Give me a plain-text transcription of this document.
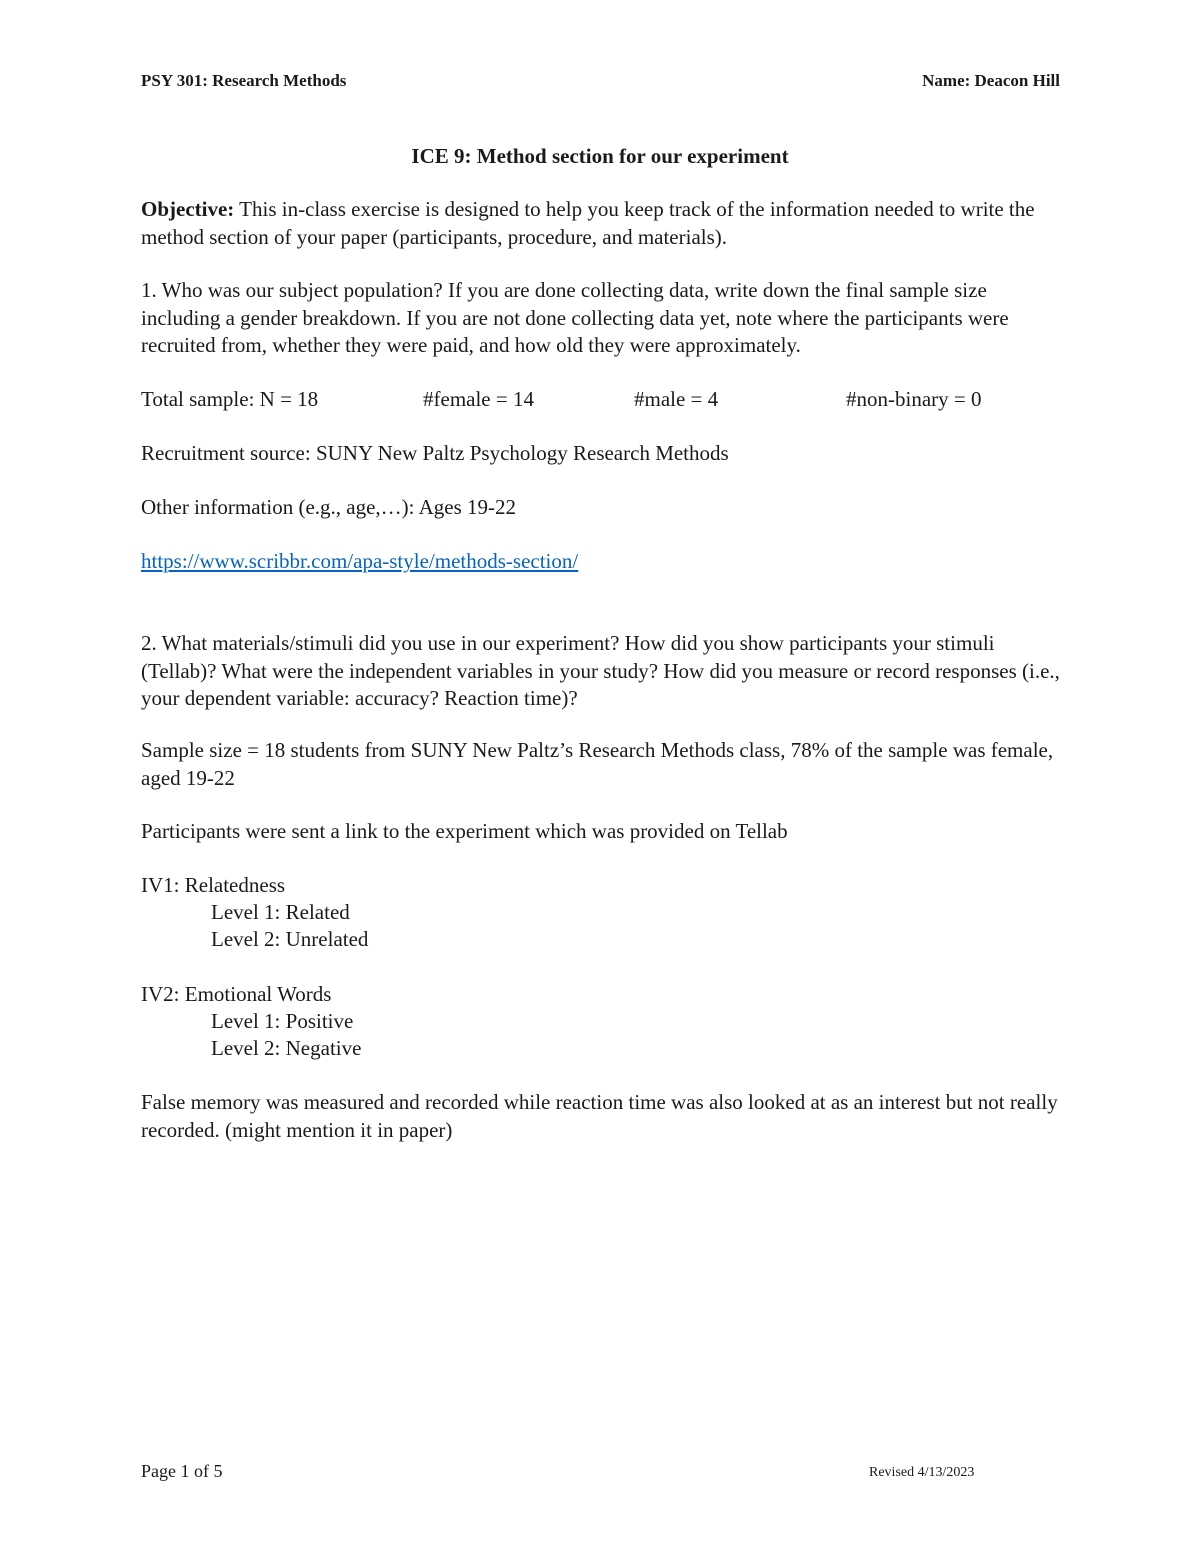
PSY 301: Research Methods	Name: Deacon Hill
ICE 9: Method section for our experiment
Objective: This in-class exercise is designed to help you keep track of the information needed to write the method section of your paper (participants, procedure, and materials).
1. Who was our subject population? If you are done collecting data, write down the final sample size including a gender breakdown. If you are not done collecting data yet, note where the participants were recruited from, whether they were paid, and how old they were approximately.
Total sample: N = 18	#female = 14	#male = 4	#non-binary = 0
Recruitment source: SUNY New Paltz Psychology Research Methods
Other information (e.g., age,…): Ages 19-22
https://www.scribbr.com/apa-style/methods-section/
2. What materials/stimuli did you use in our experiment? How did you show participants your stimuli (Tellab)? What were the independent variables in your study? How did you measure or record responses (i.e., your dependent variable: accuracy? Reaction time)?
Sample size = 18 students from SUNY New Paltz’s Research Methods class, 78% of the sample was female, aged 19-22
Participants were sent a link to the experiment which was provided on Tellab
IV1: Relatedness
Level 1: Related
Level 2: Unrelated
IV2: Emotional Words
Level 1: Positive
Level 2: Negative
False memory was measured and recorded while reaction time was also looked at as an interest but not really recorded. (might mention it in paper)
Page 1 of 5	Revised 4/13/2023
